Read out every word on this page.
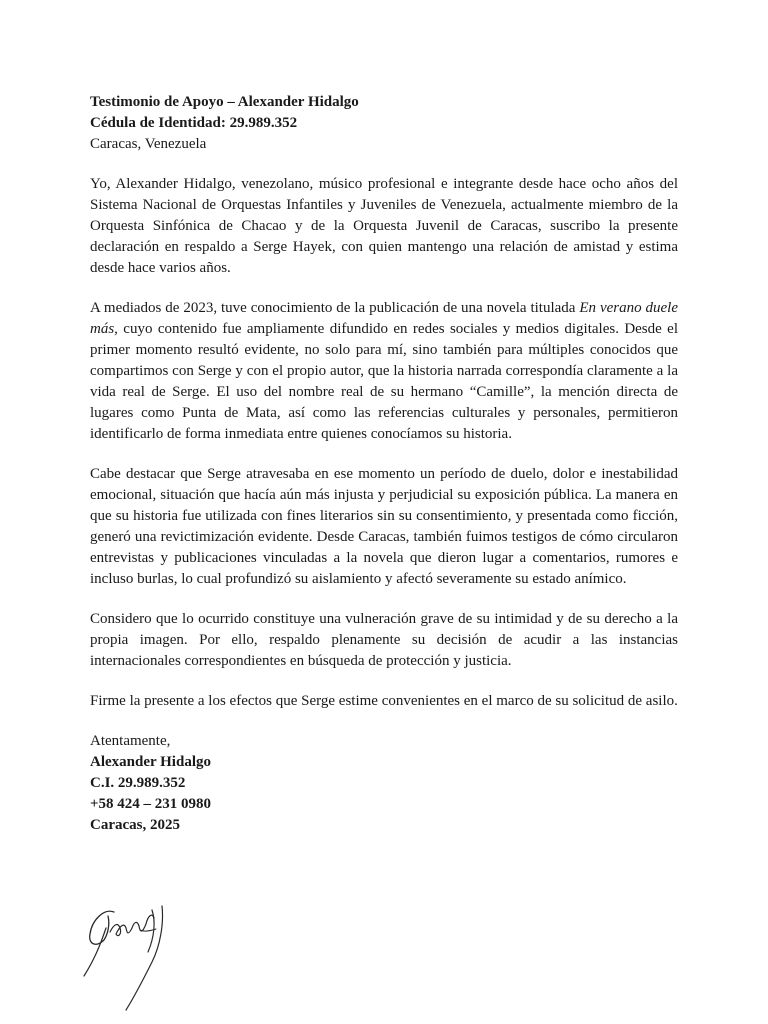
Testimonio de Apoyo – Alexander Hidalgo
Cédula de Identidad: 29.989.352
Caracas, Venezuela

Yo, Alexander Hidalgo, venezolano, músico profesional e integrante desde hace ocho años del Sistema Nacional de Orquestas Infantiles y Juveniles de Venezuela, actualmente miembro de la Orquesta Sinfónica de Chacao y de la Orquesta Juvenil de Caracas, suscribo la presente declaración en respaldo a Serge Hayek, con quien mantengo una relación de amistad y estima desde hace varios años.

A mediados de 2023, tuve conocimiento de la publicación de una novela titulada En verano duele más, cuyo contenido fue ampliamente difundido en redes sociales y medios digitales. Desde el primer momento resultó evidente, no solo para mí, sino también para múltiples conocidos que compartimos con Serge y con el propio autor, que la historia narrada correspondía claramente a la vida real de Serge. El uso del nombre real de su hermano “Camille”, la mención directa de lugares como Punta de Mata, así como las referencias culturales y personales, permitieron identificarlo de forma inmediata entre quienes conocíamos su historia.

Cabe destacar que Serge atravesaba en ese momento un período de duelo, dolor e inestabilidad emocional, situación que hacía aún más injusta y perjudicial su exposición pública. La manera en que su historia fue utilizada con fines literarios sin su consentimiento, y presentada como ficción, generó una revictimización evidente. Desde Caracas, también fuimos testigos de cómo circularon entrevistas y publicaciones vinculadas a la novela que dieron lugar a comentarios, rumores e incluso burlas, lo cual profundizó su aislamiento y afectó severamente su estado anímico.

Considero que lo ocurrido constituye una vulneración grave de su intimidad y de su derecho a la propia imagen. Por ello, respaldo plenamente su decisión de acudir a las instancias internacionales correspondientes en búsqueda de protección y justicia.

Firme la presente a los efectos que Serge estime convenientes en el marco de su solicitud de asilo.

Atentamente,
Alexander Hidalgo
C.I. 29.989.352
+58 424 – 231 0980
Caracas, 2025
